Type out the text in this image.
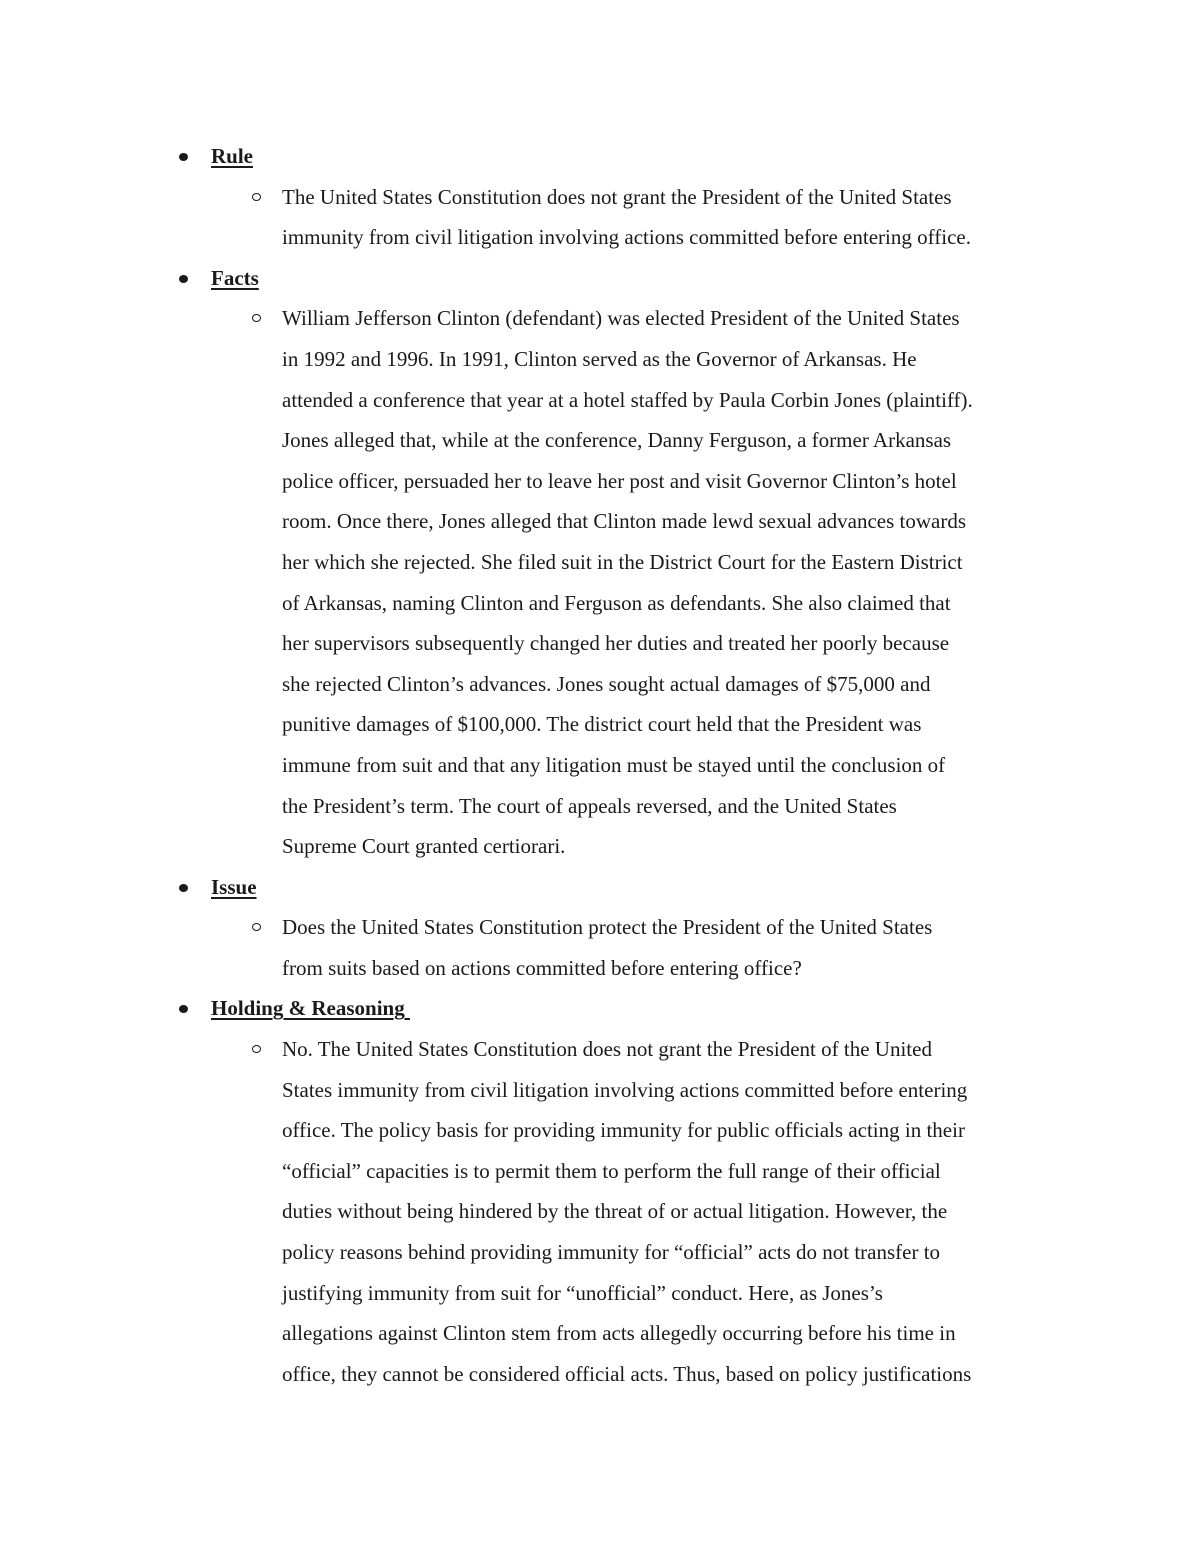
Rule

The United States Constitution does not grant the President of the United States
immunity from civil litigation involving actions committed before entering office.

Facts

William Jefferson Clinton (defendant) was elected President of the United States
in 1992 and 1996. In 1991, Clinton served as the Governor of Arkansas. He
attended a conference that year at a hotel staffed by Paula Corbin Jones (plaintiff).
Jones alleged that, while at the conference, Danny Ferguson, a former Arkansas
police officer, persuaded her to leave her post and visit Governor Clinton’s hotel
room. Once there, Jones alleged that Clinton made lewd sexual advances towards
her which she rejected. She filed suit in the District Court for the Eastern District
of Arkansas, naming Clinton and Ferguson as defendants. She also claimed that
her supervisors subsequently changed her duties and treated her poorly because
she rejected Clinton’s advances. Jones sought actual damages of $75,000 and
punitive damages of $100,000. The district court held that the President was
immune from suit and that any litigation must be stayed until the conclusion of
the President’s term. The court of appeals reversed, and the United States
Supreme Court granted certiorari.

Issue

Does the United States Constitution protect the President of the United States
from suits based on actions committed before entering office?

Holding & Reasoning

No. The United States Constitution does not grant the President of the United
States immunity from civil litigation involving actions committed before entering
office. The policy basis for providing immunity for public officials acting in their
“official” capacities is to permit them to perform the full range of their official
duties without being hindered by the threat of or actual litigation. However, the
policy reasons behind providing immunity for “official” acts do not transfer to
justifying immunity from suit for “unofficial” conduct. Here, as Jones’s
allegations against Clinton stem from acts allegedly occurring before his time in
office, they cannot be considered official acts. Thus, based on policy justifications
